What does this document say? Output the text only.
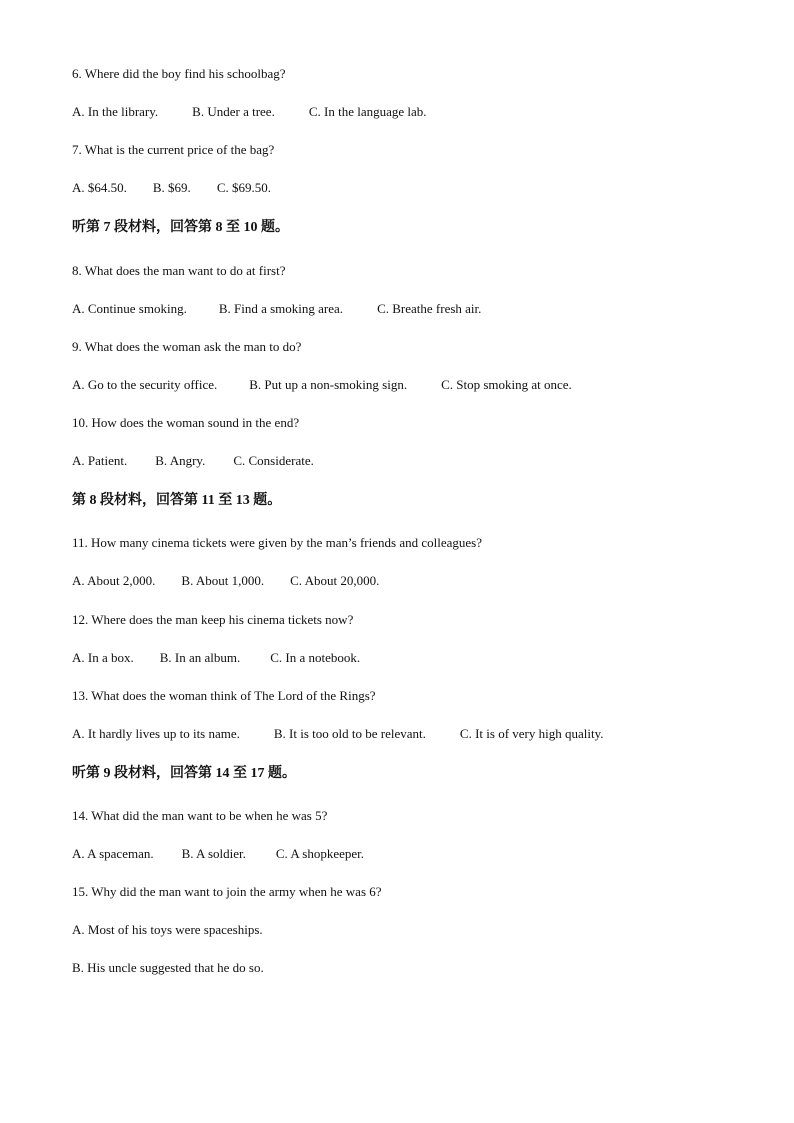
6. Where did the boy find his schoolbag?
A. In the library.	B. Under a tree.	C. In the language lab.
7. What is the current price of the bag?
A. $64.50. B. $69. C. $69.50.
听第 7 段材料，回答第 8 至 10 题。
8. What does the man want to do at first?
A. Continue smoking. B. Find a smoking area.	C. Breathe fresh air.
9. What does the woman ask the man to do?
A. Go to the security office. B. Put up a non-smoking sign.	C. Stop smoking at once.
10. How does the woman sound in the end?
A. Patient. B. Angry. C. Considerate.
第 8 段材料，回答第 11 至 13 题。
11. How many cinema tickets were given by the man’s friends and colleagues?
A. About 2,000. B. About 1,000. C. About 20,000.
12. Where does the man keep his cinema tickets now?
A. In a box. B. In an album. C. In a notebook.
13. What does the woman think of The Lord of the Rings?
A. It hardly lives up to its name.	B. It is too old to be relevant.	C. It is of very high quality.
听第 9 段材料，回答第 14 至 17 题。
14. What did the man want to be when he was 5?
A. A spaceman. B. A soldier. C. A shopkeeper.
15. Why did the man want to join the army when he was 6?
A. Most of his toys were spaceships.
B. His uncle suggested that he do so.
